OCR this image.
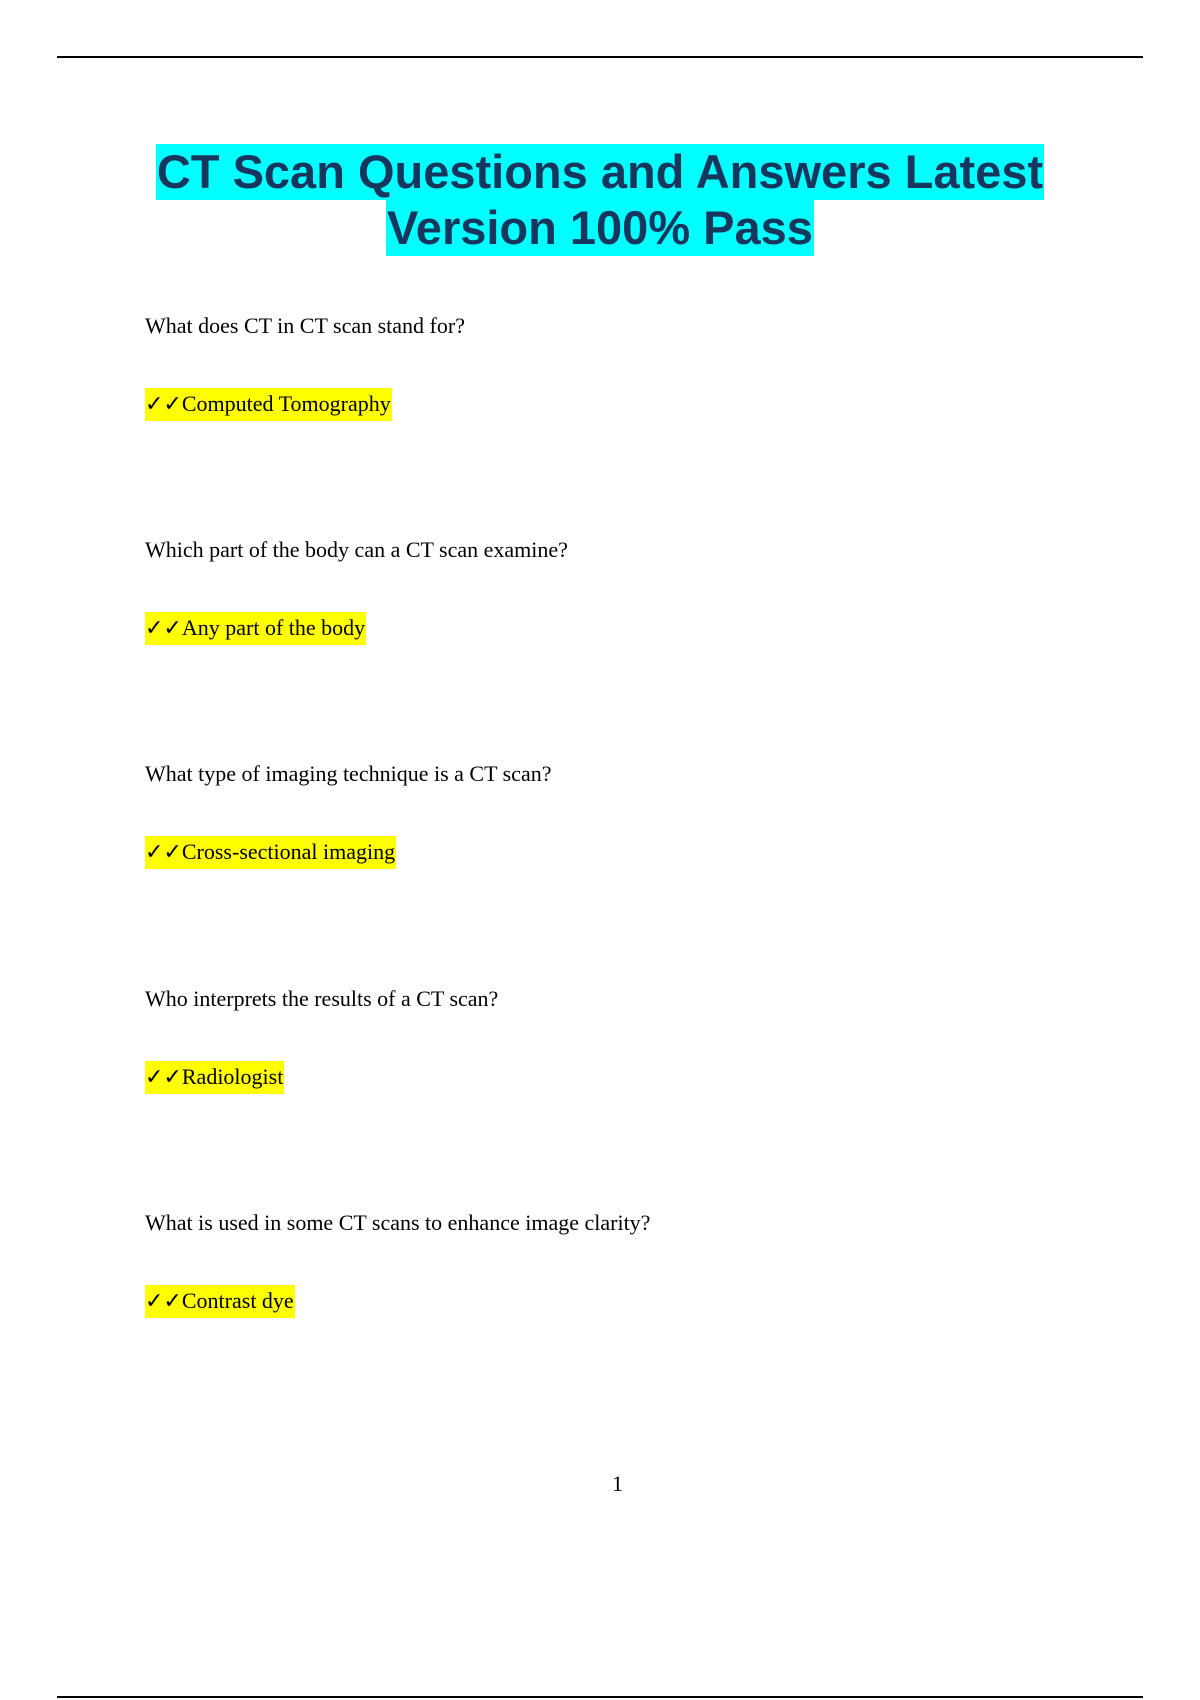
CT Scan Questions and Answers Latest
Version 100% Pass

What does CT in CT scan stand for?

✓✓Computed Tomography

Which part of the body can a CT scan examine?

✓✓Any part of the body

What type of imaging technique is a CT scan?

✓✓Cross-sectional imaging

Who interprets the results of a CT scan?

✓✓Radiologist

What is used in some CT scans to enhance image clarity?

✓✓Contrast dye
1
